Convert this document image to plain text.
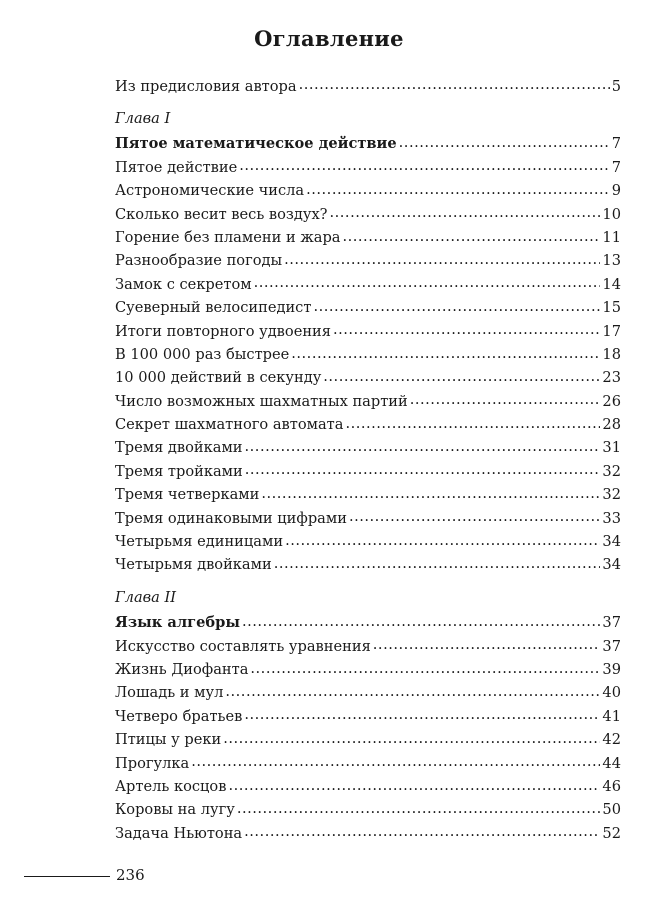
Оглавление
Из предисловия автора .....	5
Глава I
Пятое математическое действие .....	7
Пятое действие .....	7
Астрономические числа .....	9
Сколько весит весь воздух? .....	10
Горение без пламени и жара .....	11
Разнообразие погоды .....	13
Замок с секретом .....	14
Суеверный велосипедист .....	15
Итоги повторного удвоения .....	17
В 100 000 раз быстрее .....	18
10 000 действий в секунду .....	23
Число возможных шахматных партий .....	26
Секрет шахматного автомата .....	28
Тремя двойками .....	31
Тремя тройками .....	32
Тремя четверками .....	32
Тремя одинаковыми цифрами .....	33
Четырьмя единицами .....	34
Четырьмя двойками .....	34
Глава II
Язык алгебры .....	37
Искусство составлять уравнения .....	37
Жизнь Диофанта .....	39
Лошадь и мул .....	40
Четверо братьев .....	41
Птицы у реки .....	42
Прогулка .....	44
Артель косцов .....	46
Коровы на лугу .....	50
Задача Ньютона .....	52
236
